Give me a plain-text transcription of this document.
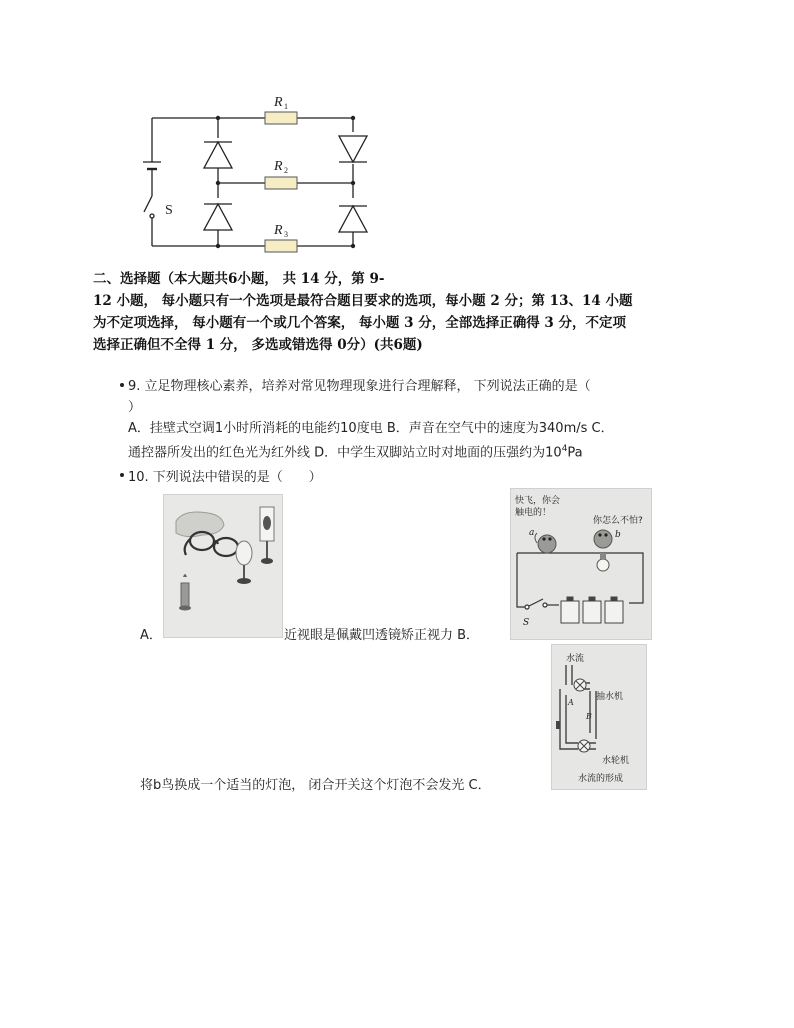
S
R 1
R 2
R 3
二、选择题（本大题共6小题， 共 14 分，第 9-
12 小题， 每小题只有一个选项是最符合题目要求的选项，每小题 2 分；第 13、14 小题
为不定项选择， 每小题有一个或几个答案， 每小题 3 分，全部选择正确得 3 分，不定项
选择正确但不全得 1 分， 多选或错选得 0分）(共6题)
9. 立足物理核心素养，培养对常见物理现象进行合理解释， 下列说法正确的是（
）
A．挂壁式空调1小时所消耗的电能约10度电 B．声音在空气中的速度为340m/s C．
通控器所发出的红色光为红外线 D．中学生双脚站立时对地面的压强约为$10^4Pa$
10. 下列说法中错误的是（　　）
A．	近视眼是佩戴凹透镜矫正视力 B．
快飞，你会
触电的！
你怎么不怕?
a	b
S
将b鸟换成一个适当的灯泡， 闭合开关这个灯泡不会发光 C．
水流
抽水机
水轮机
水流的形成
A
B
